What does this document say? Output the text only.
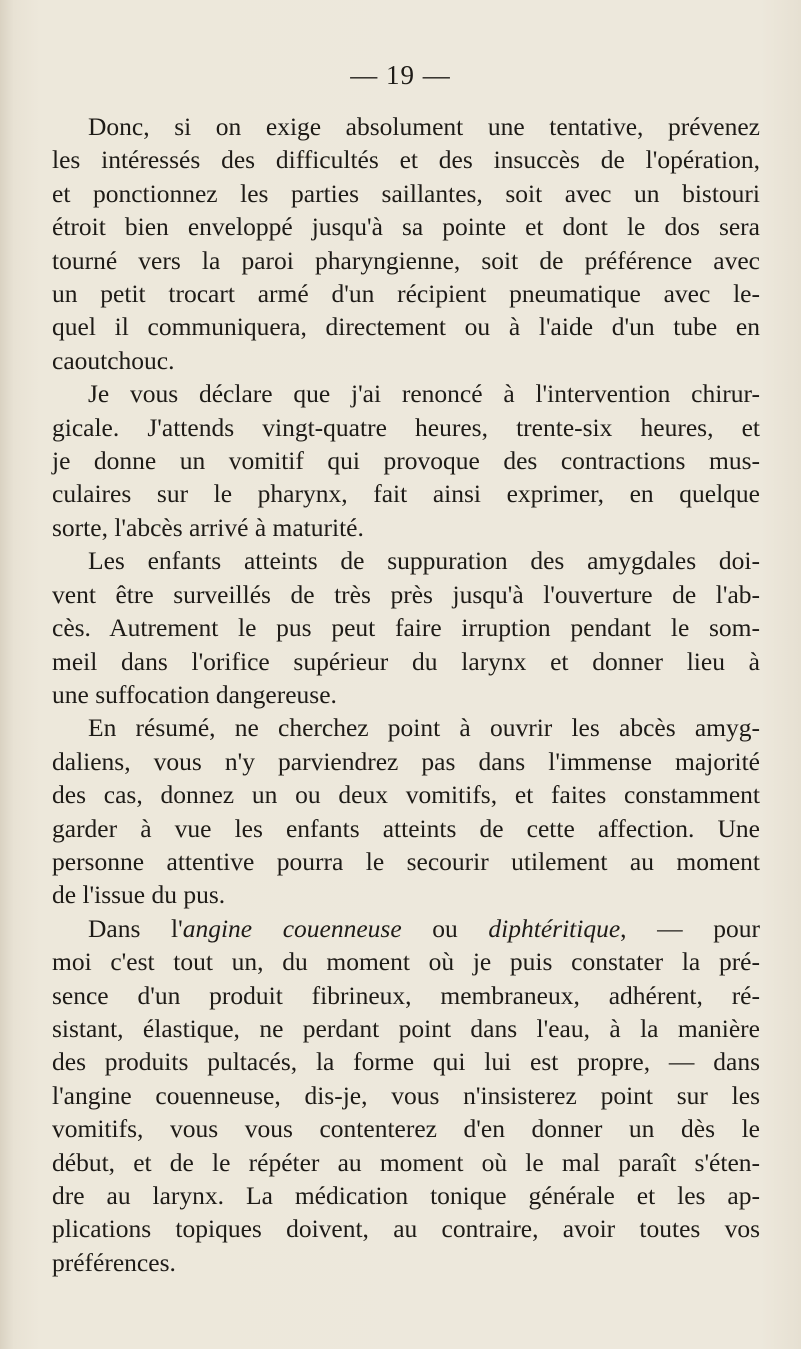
— 19 —

Donc, si on exige absolument une tentative, prévenez
les intéressés des difficultés et des insuccès de l'opération,
et ponctionnez les parties saillantes, soit avec un bistouri
étroit bien enveloppé jusqu'à sa pointe et dont le dos sera
tourné vers la paroi pharyngienne, soit de préférence avec
un petit trocart armé d'un récipient pneumatique avec le-
quel il communiquera, directement ou à l'aide d'un tube en
caoutchouc.

Je vous déclare que j'ai renoncé à l'intervention chirur-
gicale. J'attends vingt-quatre heures, trente-six heures, et
je donne un vomitif qui provoque des contractions mus-
culaires sur le pharynx, fait ainsi exprimer, en quelque
sorte, l'abcès arrivé à maturité.

Les enfants atteints de suppuration des amygdales doi-
vent être surveillés de très près jusqu'à l'ouverture de l'ab-
cès. Autrement le pus peut faire irruption pendant le som-
meil dans l'orifice supérieur du larynx et donner lieu à
une suffocation dangereuse.

En résumé, ne cherchez point à ouvrir les abcès amyg-
daliens, vous n'y parviendrez pas dans l'immense majorité
des cas, donnez un ou deux vomitifs, et faites constamment
garder à vue les enfants atteints de cette affection. Une
personne attentive pourra le secourir utilement au moment
de l'issue du pus.

Dans l'angine couenneuse ou diphtéritique, — pour
moi c'est tout un, du moment où je puis constater la pré-
sence d'un produit fibrineux, membraneux, adhérent, ré-
sistant, élastique, ne perdant point dans l'eau, à la manière
des produits pultacés, la forme qui lui est propre, — dans
l'angine couenneuse, dis-je, vous n'insisterez point sur les
vomitifs, vous vous contenterez d'en donner un dès le
début, et de le répéter au moment où le mal paraît s'éten-
dre au larynx. La médication tonique générale et les ap-
plications topiques doivent, au contraire, avoir toutes vos
préférences.
